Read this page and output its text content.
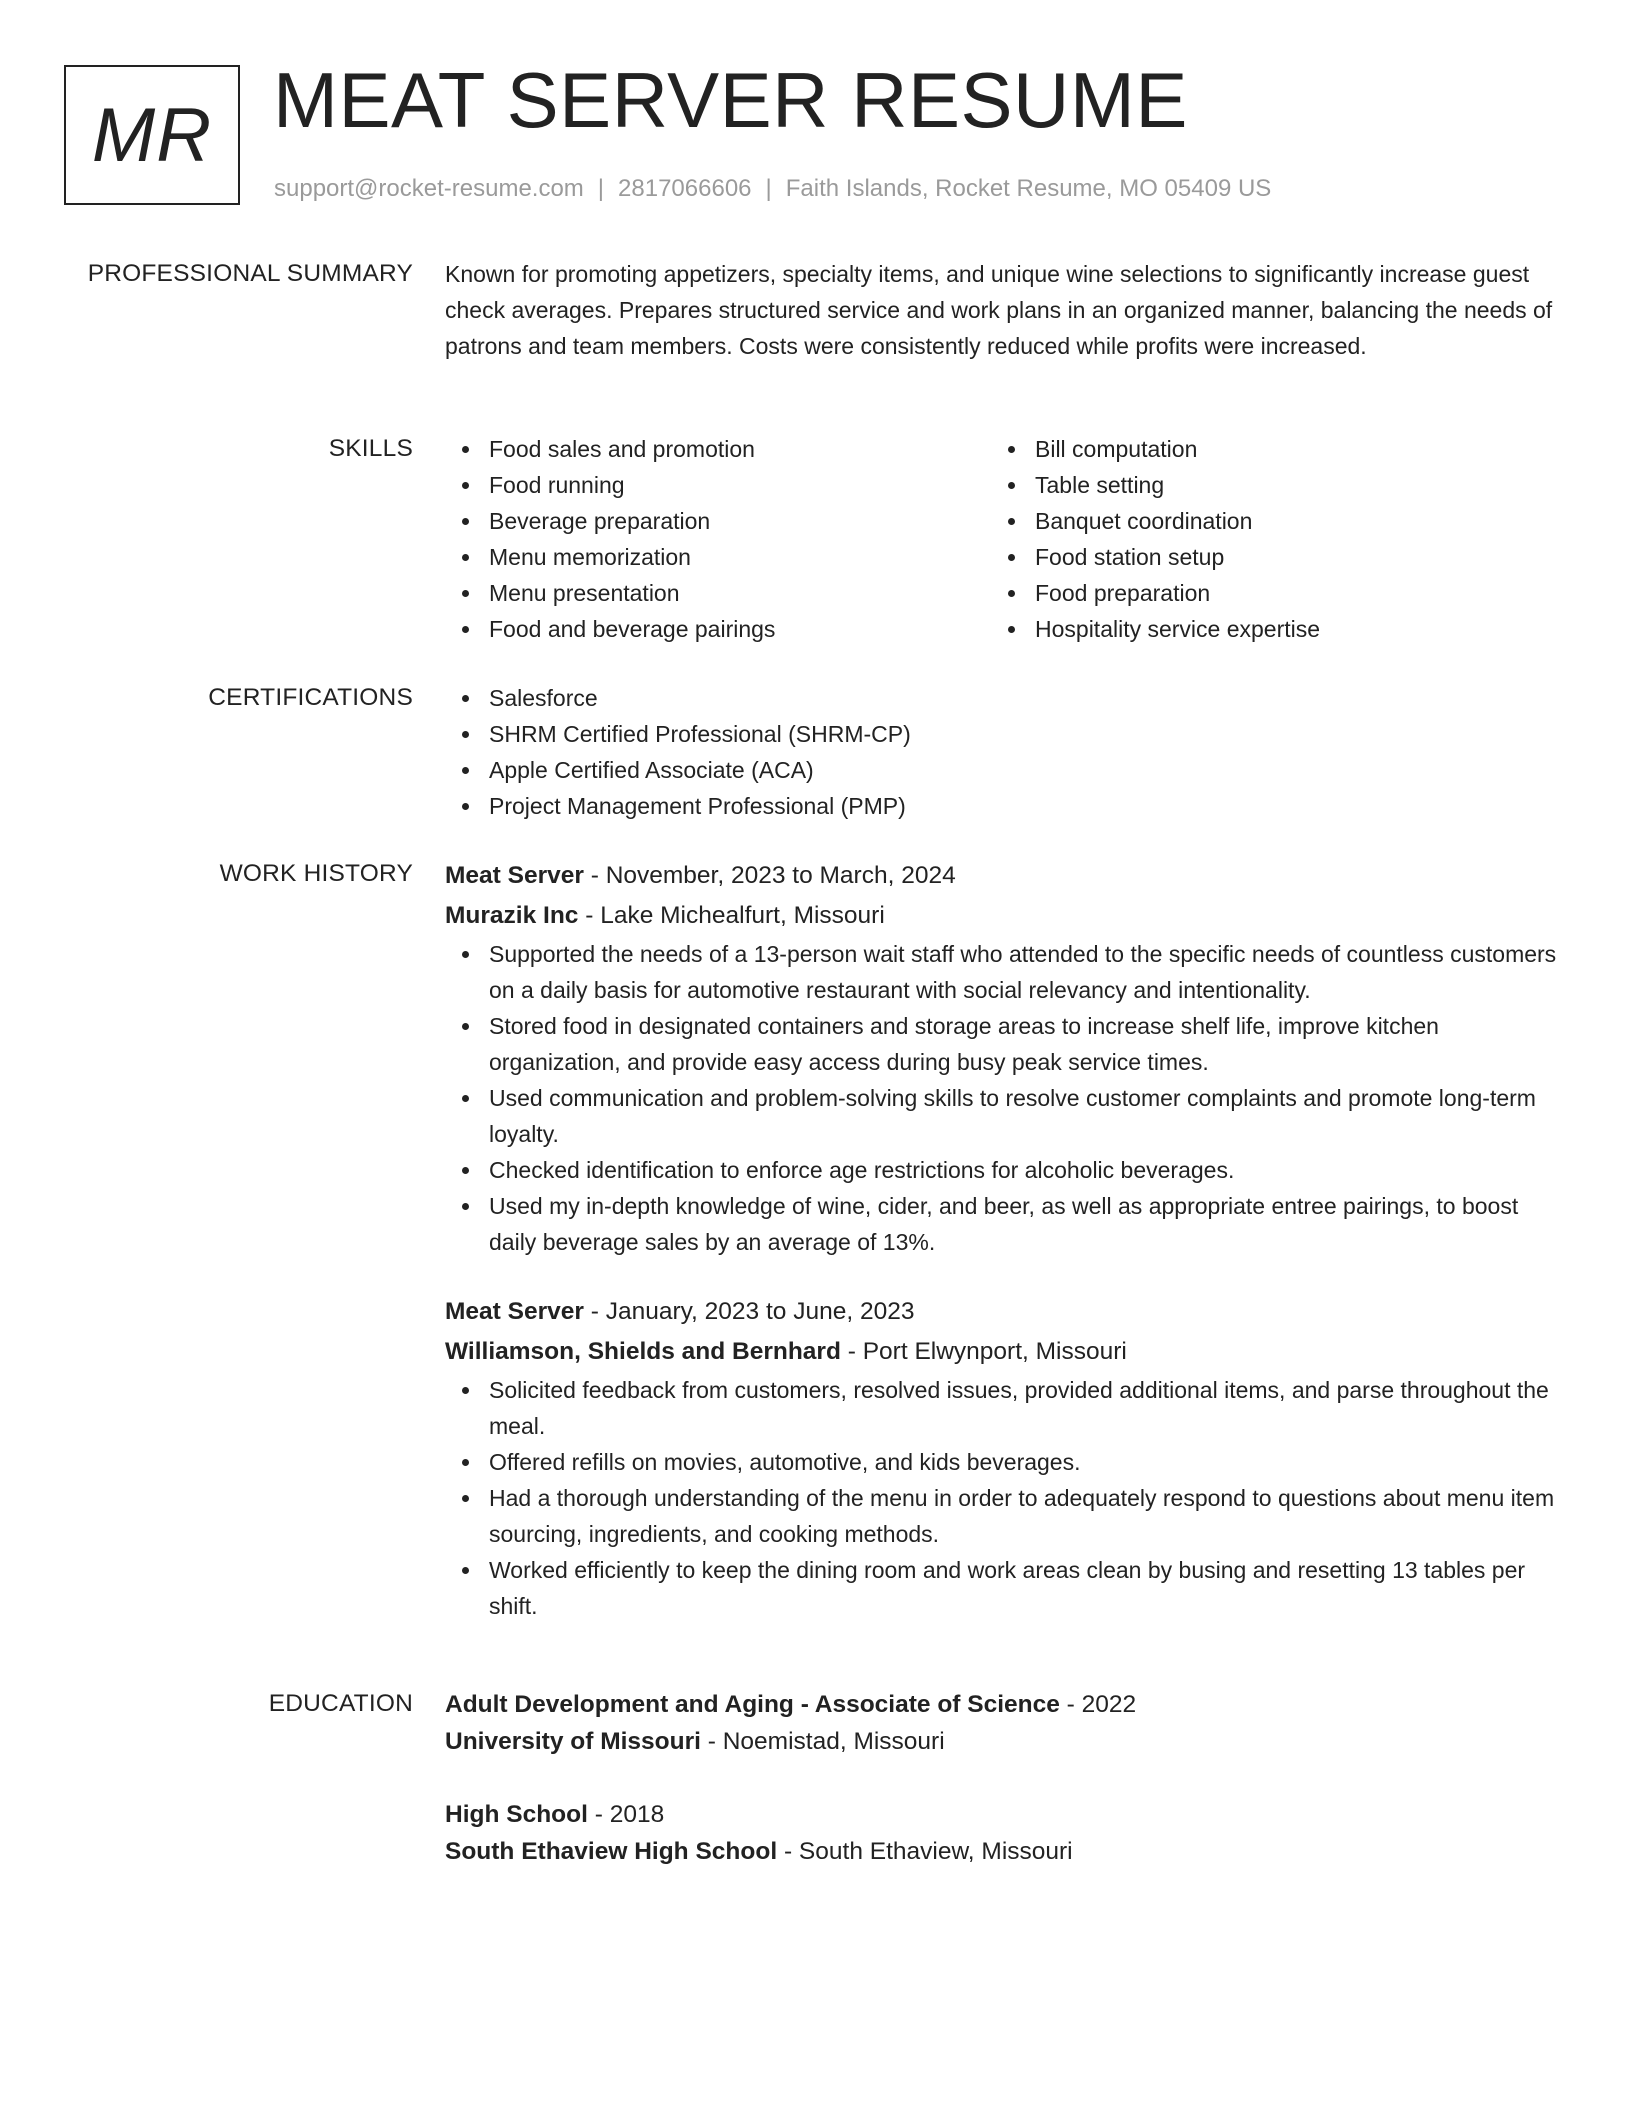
MR MEAT SERVER RESUME
support@rocket-resume.com | 2817066606 | Faith Islands, Rocket Resume, MO 05409 US
PROFESSIONAL SUMMARY Known for promoting appetizers, specialty items, and unique wine selections to significantly increase guest check averages. Prepares structured service and work plans in an organized manner, balancing the needs of patrons and team members. Costs were consistently reduced while profits were increased.
SKILLS	Food sales and promotion
Food running
Beverage preparation
Menu memorization
Menu presentation
Food and beverage pairings
Bill computation
Table setting
Banquet coordination
Food station setup
Food preparation
Hospitality service expertise
CERTIFICATIONS	Salesforce
SHRM Certified Professional (SHRM-CP)
Apple Certified Associate (ACA)
Project Management Professional (PMP)
WORK HISTORY Meat Server - November, 2023 to March, 2024
Murazik Inc - Lake Michealfurt, Missouri
Supported the needs of a 13-person wait staff who attended to the specific needs of countless customers on a daily basis for automotive restaurant with social relevancy and intentionality.
Stored food in designated containers and storage areas to increase shelf life, improve kitchen organization, and provide easy access during busy peak service times.
Used communication and problem-solving skills to resolve customer complaints and promote long-term loyalty.
Checked identification to enforce age restrictions for alcoholic beverages.
Used my in-depth knowledge of wine, cider, and beer, as well as appropriate entree pairings, to boost daily beverage sales by an average of 13%.
Meat Server - January, 2023 to June, 2023
Williamson, Shields and Bernhard - Port Elwynport, Missouri
Solicited feedback from customers, resolved issues, provided additional items, and parse throughout the meal.
Offered refills on movies, automotive, and kids beverages.
Had a thorough understanding of the menu in order to adequately respond to questions about menu item sourcing, ingredients, and cooking methods.
Worked efficiently to keep the dining room and work areas clean by busing and resetting 13 tables per shift.
EDUCATION Adult Development and Aging - Associate of Science - 2022
University of Missouri - Noemistad, Missouri
High School - 2018
South Ethaview High School - South Ethaview, Missouri
